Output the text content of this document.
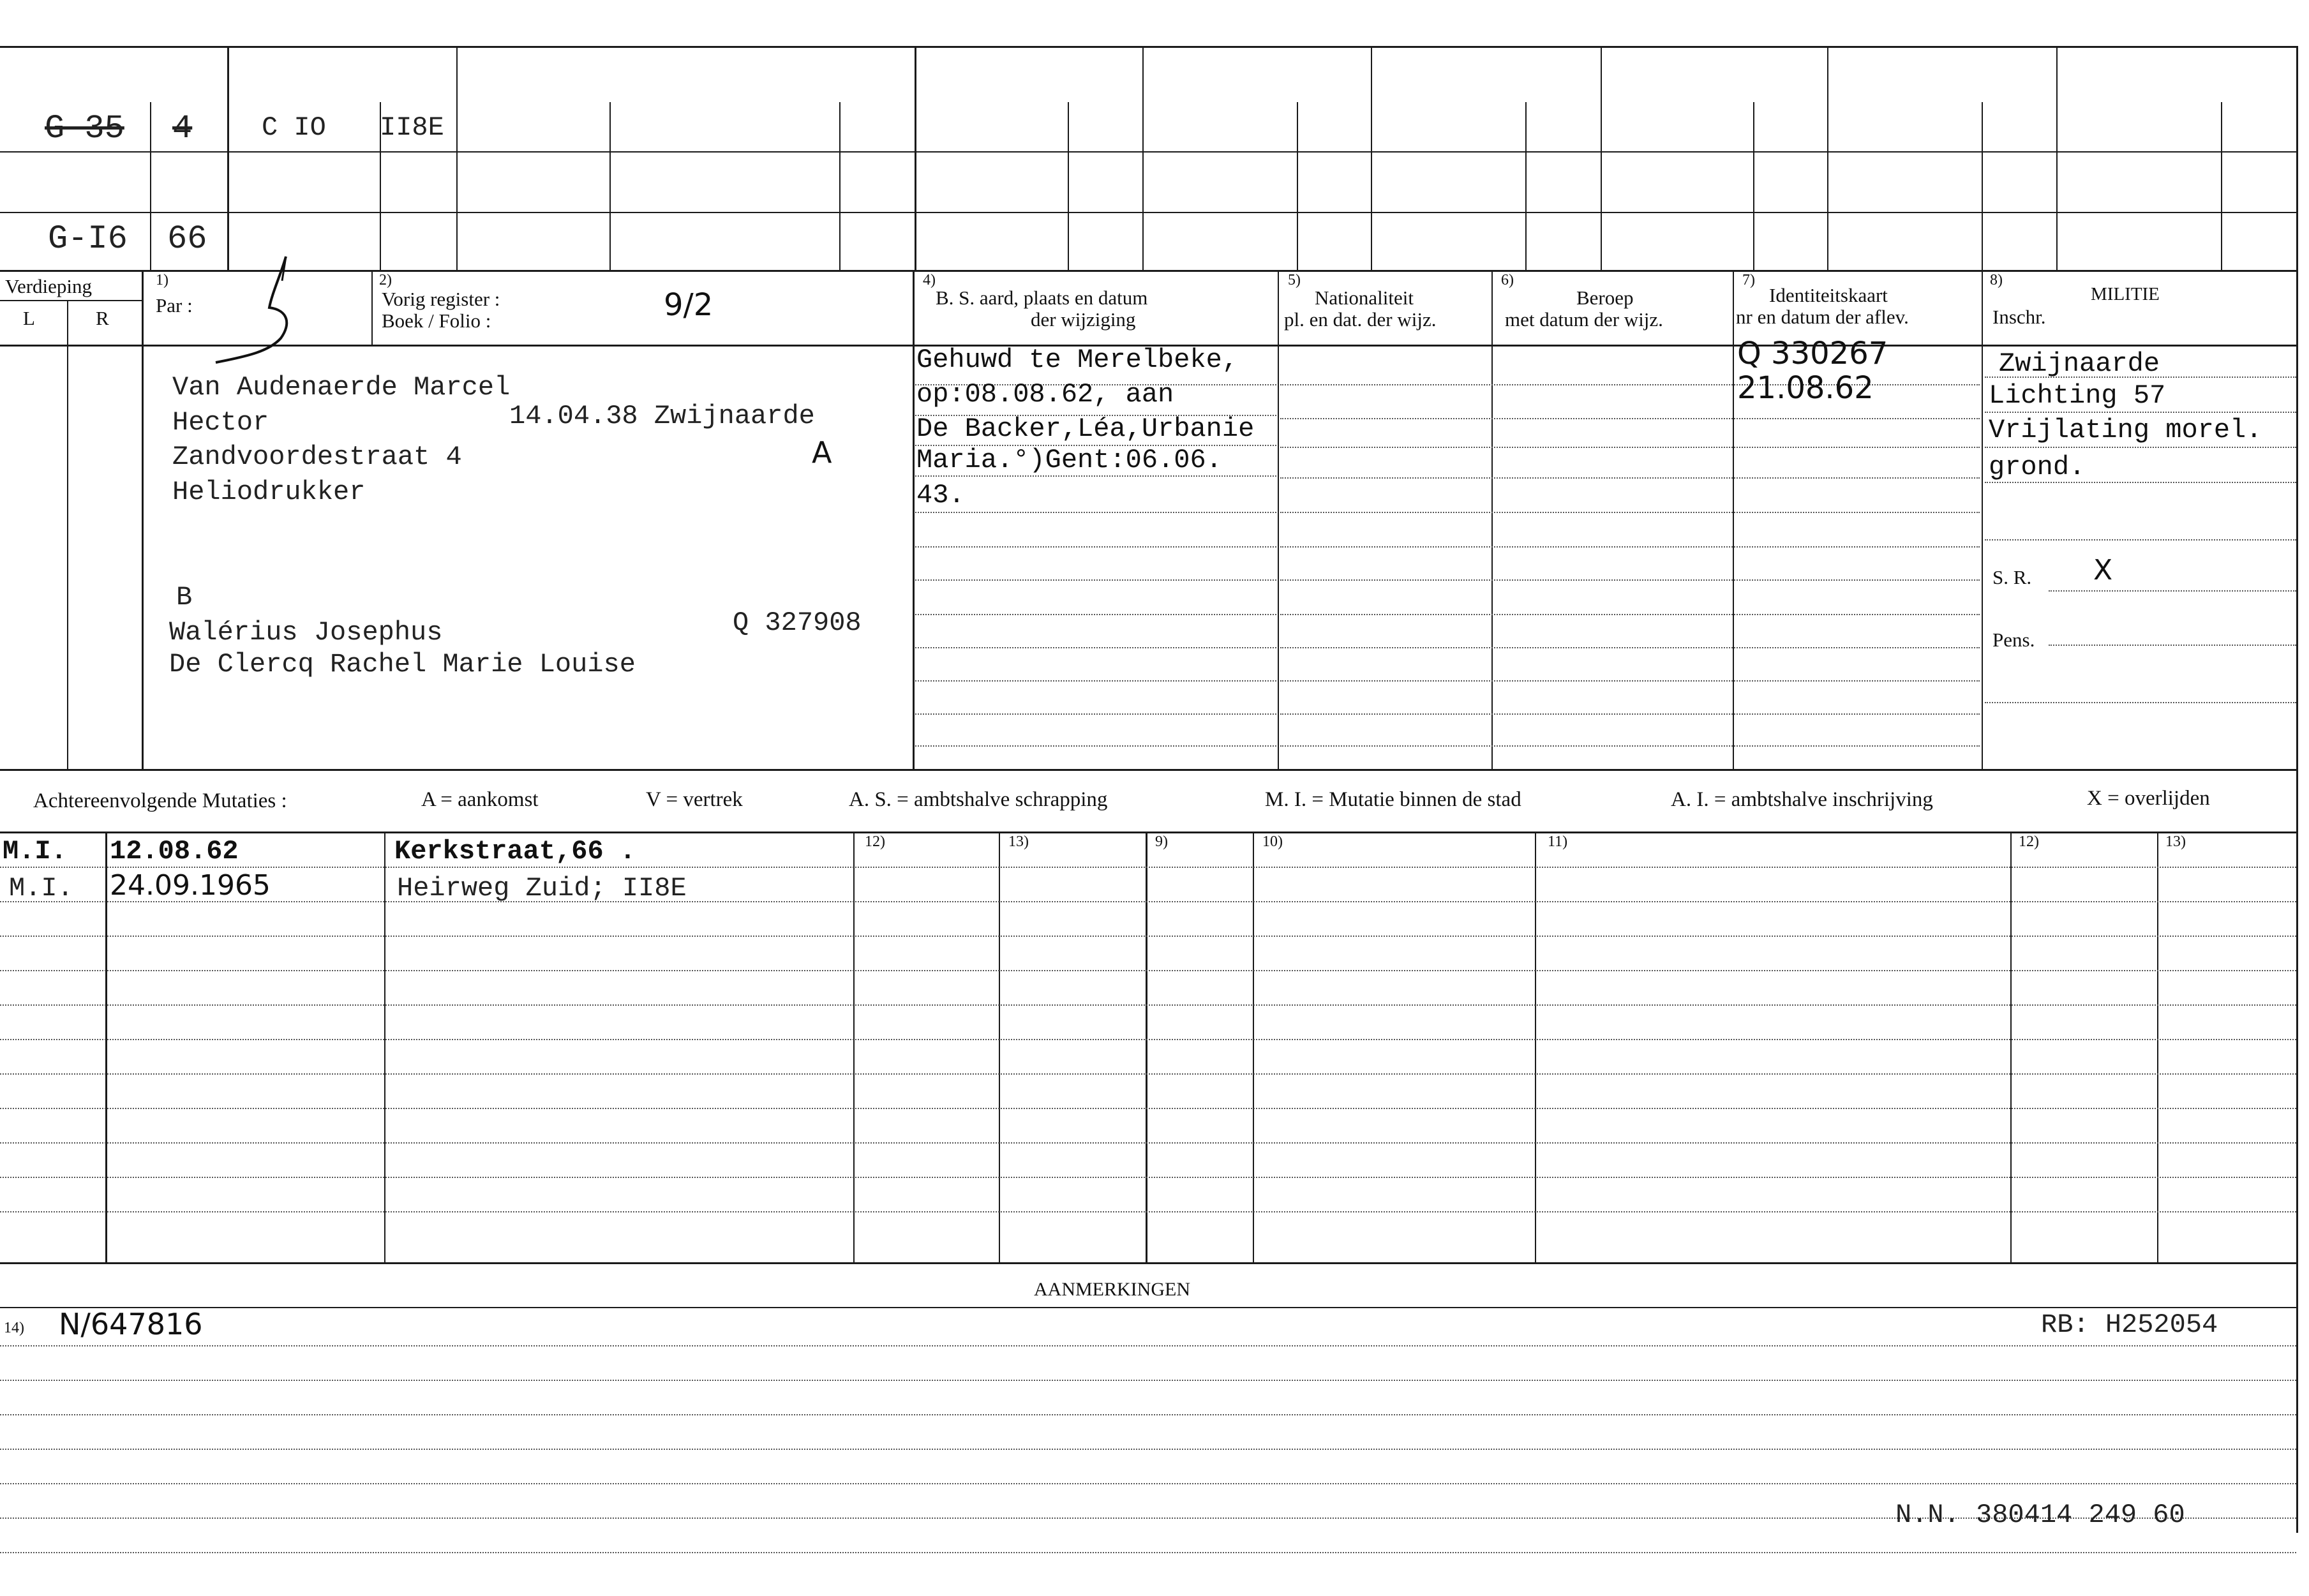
G 35 4	C IO II8E
G-I6 66
Verdieping
L	R
1)
Par :
2)
Vorig register :
Boek / Folio :	9/2
4)
B. S. aard, plaats en datum
der wijziging
5)
Nationaliteit
pl. en dat. der wijz.
6)
Beroep
met datum der wijz.
7)
Identiteitskaart
nr en datum der aflev.
8)
MILITIE
Inschr.
Van Audenaerde Marcel
Hector	14.04.38 Zwijnaarde
Zandvoordestraat 4	A
Heliodrukker
B
Walérius Josephus	Q 327908
De Clercq Rachel Marie Louise
Gehuwd te Merelbeke,
op:08.08.62, aan
De Backer,Léa,Urbanie
Maria.°)Gent:06.06.
43.
Q 330267
21.08.62
Zwijnaarde
Lichting 57
Vrijlating morel.
grond.
S. R. X
Pens.
Achtereenvolgende Mutaties :	A = aankomst	V = vertrek	A. S. = ambtshalve schrapping	M. I. = Mutatie binnen de stad	A. I. = ambtshalve inschrijving	X = overlijden
12)	13)	9)	10)	11)	12)	13)
M.I. 12.08.62	Kerkstraat,66 .
M.I. 24.09.1965	Heirweg Zuid; II8E
AANMERKINGEN
14) N/647816	RB: H252054
N.N. 380414 249 60
